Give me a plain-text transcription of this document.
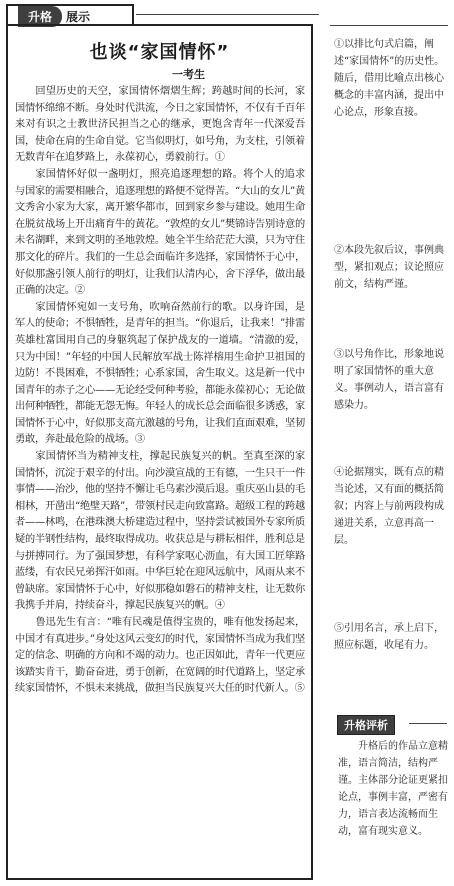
升格	展示
也谈“家国情怀”
一考生

回望历史的天空，家国情怀熠熠生辉；跨越时间的长河，家国情怀绵绵不断。身处时代洪流，今日之家国情怀，不仅有千百年来对有识之士教世济民担当之心的继承，更饱含青年一代深爱吾国，使命在肩的生命自觉。它当似明灯，如号角，为支柱，引领着无数青年在追梦路上，永葆初心，勇毅前行。①

家国情怀好似一盏明灯，照亮追逐理想的路。将个人的追求与国家的需要相融合，追逐理想的路便不觉得苦。“大山的女儿”黄文秀舍小家为大家，离开繁华都市，回到家乡参与建设。她用生命在脱贫战场上开出痛育牛的黄花。“敦煌的女儿”樊锦诗告别诗意的未名湖畔，来到文明的圣地敦煌。她全半生给茫茫大漠，只为守住那文化的碎片。我们的一生总会面临许多选择，家国情怀于心中，好似那盏引领人前行的明灯，让我们认清内心，舍下浮华，做出最正确的决定。②

家国情怀宛如一支号角，吹响奋然前行的歌。以身许国，是军人的使命；不惧牺牲，是青年的担当。“你退后，让我来！”排雷英雄杜富国用自己的身躯筑起了保护战友的一道墙。“清澈的爱，只为中国！”年轻的中国人民解放军战士陈祥榕用生命护卫祖国的边防！不畏困难，不惧牺牲；心系家国，舍生取义。这是新一代中国青年的赤子之心——无论经受何种考验，都能永葆初心；无论做出何种牺牲，都能无怨无悔。年轻人的成长总会面临很多诱惑，家国情怀于心中，好似那支高亢激越的号角，让我们直面艰难，坚韧勇敢，奔赴最危险的战场。③

家国情怀当为精神支柱，撑起民族复兴的帆。至真至深的家国情怀，沉淀于艰辛的付出。向沙漠宣战的王有德，一生只干一件事情——治沙，他的坚持不懈让毛乌素沙漠后退。重庆巫山县的毛相林，开凿出“绝壁天路”，带领村民走向致富路。超级工程的跨越者——林鸣，在港珠澳大桥建造过程中，坚持尝试被国外专家所质疑的半钢性结构，最终取得成功。收获总是与耕耘相伴，胜利总是与拼搏同行。为了强国梦想，有科学家呕心沥血，有大国工匠筚路蓝缕，有农民兄弟挥汗如雨。中华巨轮在迎风远航中，风雨从来不曾缺席。家国情怀于心中，好似那稳如磐石的精神支柱，让无数你我携手并肩，持续奋斗，撑起民族复兴的帆。④

鲁迅先生有言：“唯有民魂是值得宝贵的，唯有他发扬起来，中国才有真进步。”身处这风云变幻的时代，家国情怀当成为我们坚定的信念、明确的方向和不竭的动力。也正因如此，青年一代更应该踏实肯干，勤奋奋进，勇于创新，在宽阔的时代道路上，坚定承续家国情怀，不惧未来挑战，做担当民族复兴大任的时代新人。⑤

①以排比句式启篇，阐述“家国情怀”的历史性。随后，借用比喻点出核心概念的丰富内涵，提出中心论点，形象直接。
②本段先叙后议，事例典型，紧扣观点；议论照应前文，结构严谨。
③以号角作比，形象地说明了家国情怀的重大意义。事例动人，语言富有感染力。
④论据翔实，既有点的精当论述，又有面的概括简叙；内容上与前两段构成递进关系，立意再高一层。
⑤引用名言，承上启下，照应标题，收尾有力。
升格评析
升格后的作品立意精准，语言简洁，结构严谨。主体部分论证更紧扣论点，事例丰富，严密有力，语言表达流畅而生动，富有现实意义。
